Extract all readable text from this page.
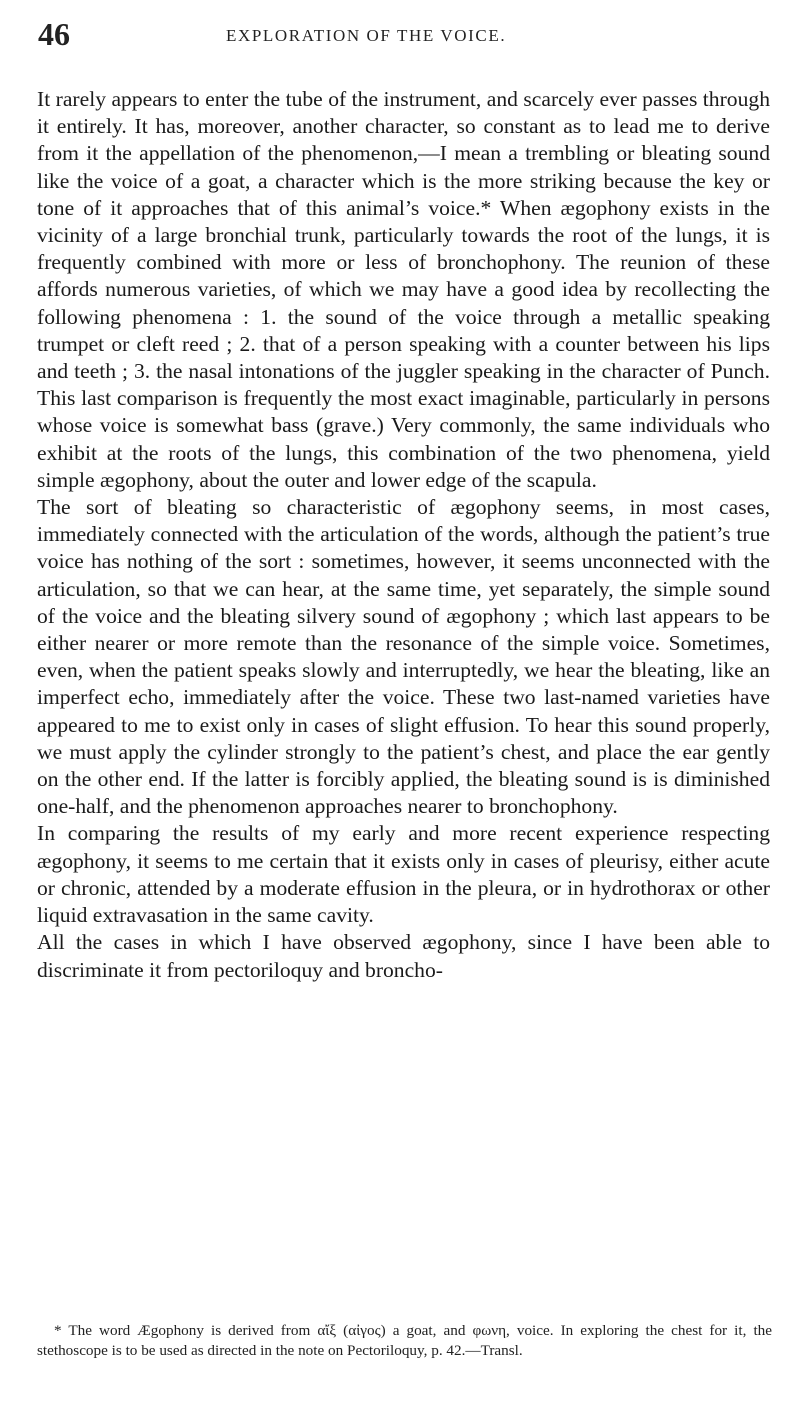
46	EXPLORATION OF THE VOICE.

It rarely appears to enter the tube of the instrument, and scarcely ever passes through it entirely. It has, moreover, another character, so constant as to lead me to derive from it the appellation of the phenomenon,—I mean a trembling or bleating sound like the voice of a goat, a character which is the more striking because the key or tone of it approaches that of this animal’s voice.* When ægophony exists in the vicinity of a large bronchial trunk, particularly towards the root of the lungs, it is frequently combined with more or less of bronchophony. The reunion of these affords numerous varieties, of which we may have a good idea by recollecting the following phenomena : 1. the sound of the voice through a metallic speaking trumpet or cleft reed ; 2. that of a person speaking with a counter between his lips and teeth ; 3. the nasal intonations of the juggler speaking in the character of Punch. This last comparison is frequently the most exact imaginable, particularly in persons whose voice is somewhat bass (grave.) Very commonly, the same individuals who exhibit at the roots of the lungs, this combination of the two phenomena, yield simple ægophony, about the outer and lower edge of the scapula.

The sort of bleating so characteristic of ægophony seems, in most cases, immediately connected with the articulation of the words, although the patient’s true voice has nothing of the sort : sometimes, however, it seems unconnected with the articulation, so that we can hear, at the same time, yet separately, the simple sound of the voice and the bleating silvery sound of ægophony ; which last appears to be either nearer or more remote than the resonance of the simple voice. Sometimes, even, when the patient speaks slowly and interruptedly, we hear the bleating, like an imperfect echo, immediately after the voice. These two last-named varieties have appeared to me to exist only in cases of slight effusion. To hear this sound properly, we must apply the cylinder strongly to the patient’s chest, and place the ear gently on the other end. If the latter is forcibly applied, the bleating sound is is diminished one-half, and the phenomenon approaches nearer to bronchophony.

In comparing the results of my early and more recent experience respecting ægophony, it seems to me certain that it exists only in cases of pleurisy, either acute or chronic, attended by a moderate effusion in the pleura, or in hydrothorax or other liquid extravasation in the same cavity.

All the cases in which I have observed ægophony, since I have been able to discriminate it from pectoriloquy and broncho-

* The word Ægophony is derived from αἴξ (αἰγος) a goat, and φωνη, voice. In exploring the chest for it, the stethoscope is to be used as directed in the note on Pectoriloquy, p. 42.—Transl.
